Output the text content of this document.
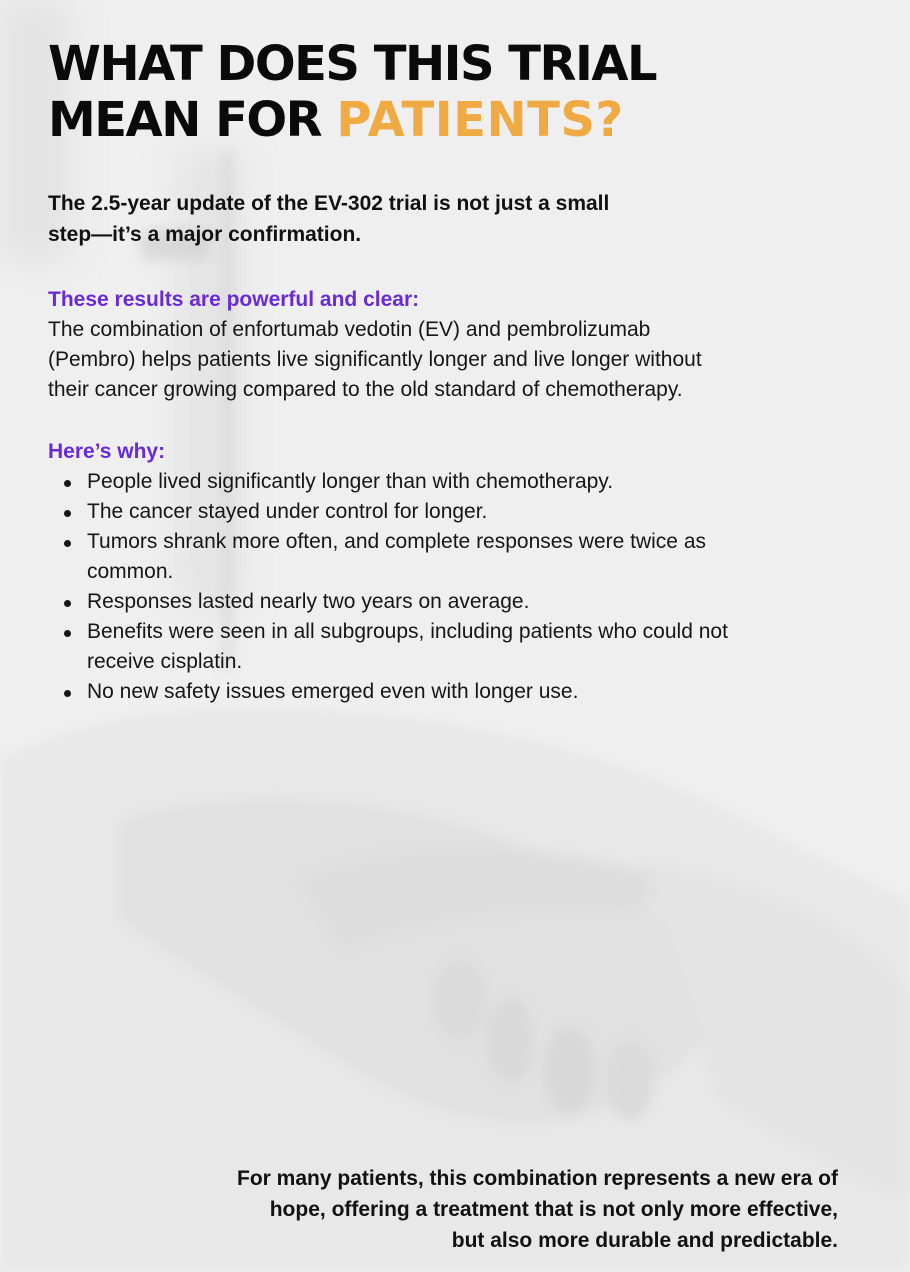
WHAT DOES THIS TRIAL
MEAN FOR PATIENTS?
The 2.5-year update of the EV-302 trial is not just a small
step—it’s a major confirmation.
These results are powerful and clear:
The combination of enfortumab vedotin (EV) and pembrolizumab
(Pembro) helps patients live significantly longer and live longer without
their cancer growing compared to the old standard of chemotherapy.
Here’s why:
People lived significantly longer than with chemotherapy.
The cancer stayed under control for longer.
Tumors shrank more often, and complete responses were twice as
common.
Responses lasted nearly two years on average.
Benefits were seen in all subgroups, including patients who could not
receive cisplatin.
No new safety issues emerged even with longer use.
For many patients, this combination represents a new era of
hope, offering a treatment that is not only more effective,
but also more durable and predictable.
